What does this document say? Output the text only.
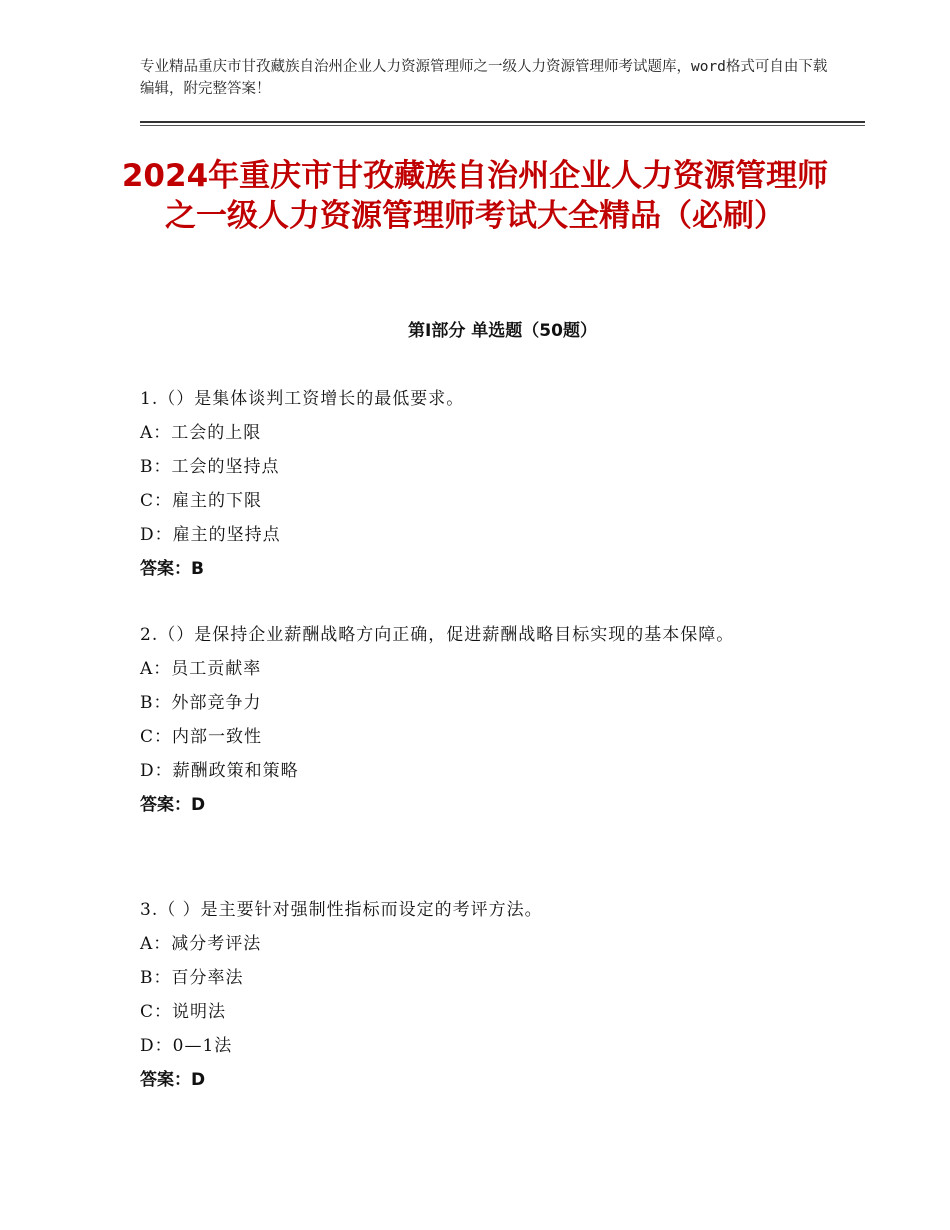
专业精品重庆市甘孜藏族自治州企业人力资源管理师之一级人力资源管理师考试题库，word格式可自由下载编辑，附完整答案！
2024年重庆市甘孜藏族自治州企业人力资源管理师之一级人力资源管理师考试大全精品（必刷）
第Ⅰ部分 单选题（50题）

1.（）是集体谈判工资增长的最低要求。

A：工会的上限
B：工会的坚持点
C：雇主的下限
D：雇主的坚持点
答案：B

2.（）是保持企业薪酬战略方向正确，促进薪酬战略目标实现的基本保障。

A：员工贡献率
B：外部竞争力
C：内部一致性
D：薪酬政策和策略
答案：D

3.（ ）是主要针对强制性指标而设定的考评方法。

A：减分考评法
B：百分率法
C：说明法
D：0—1法
答案：D
